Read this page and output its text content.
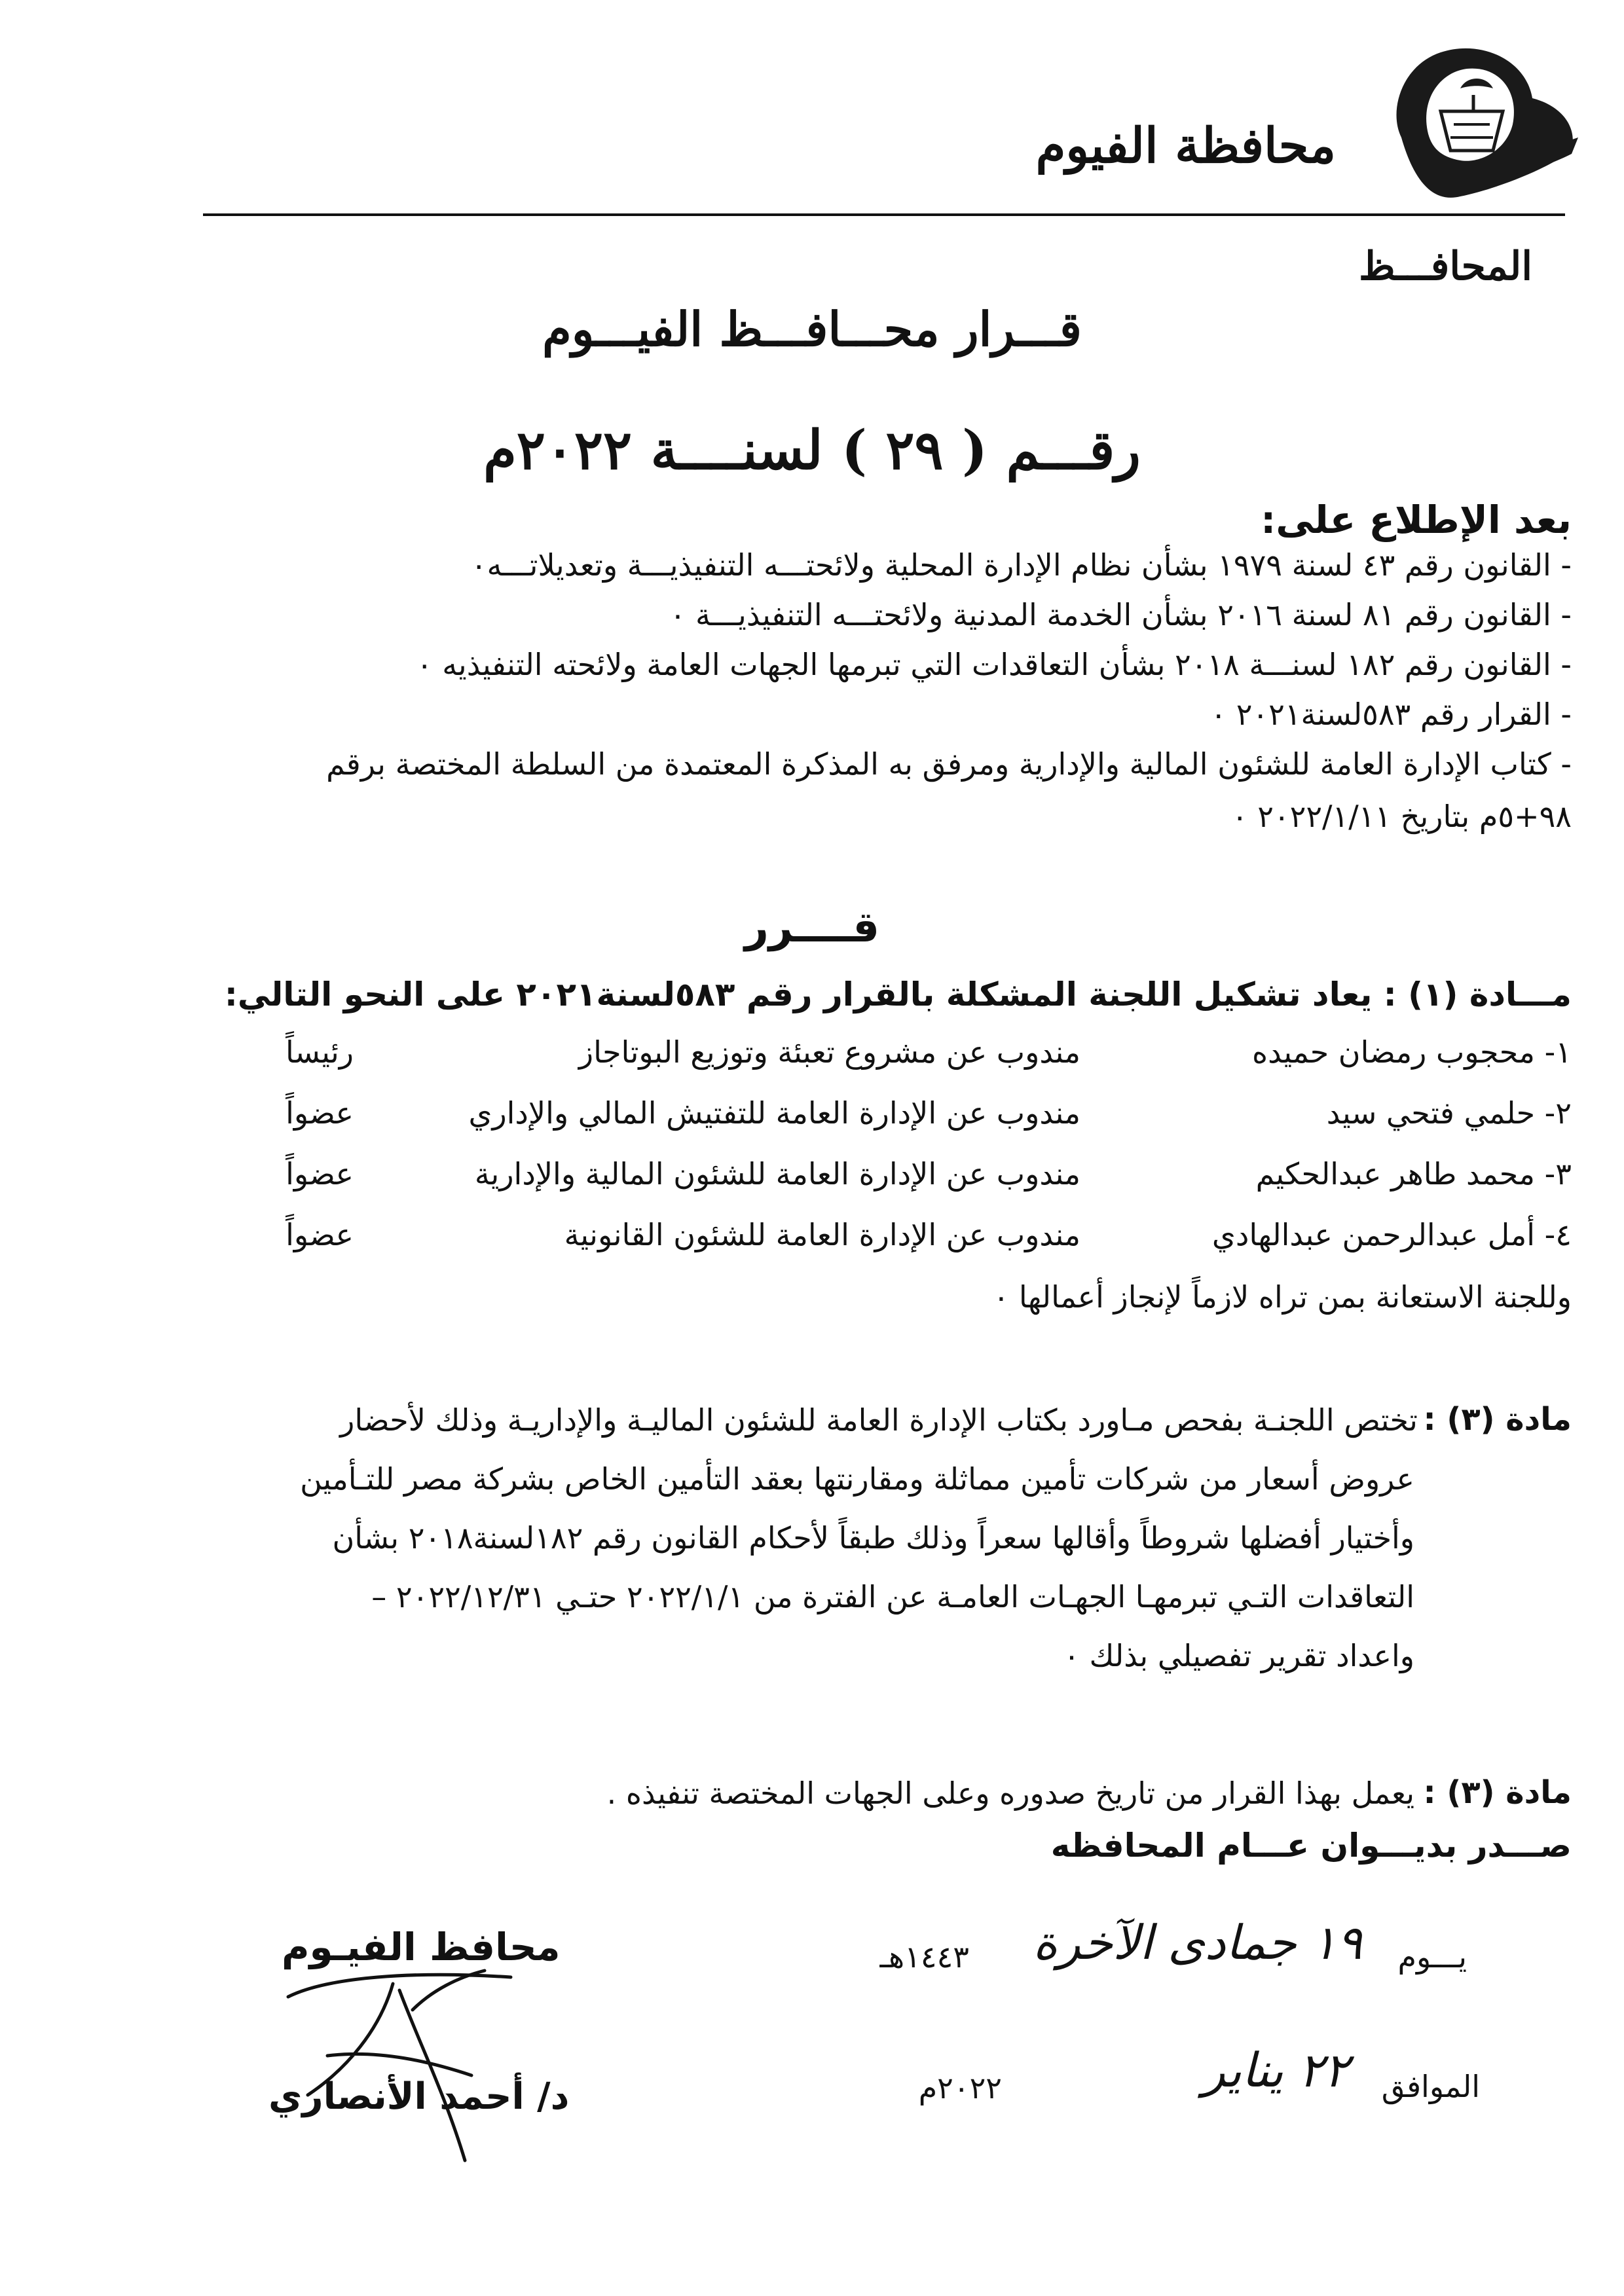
محافظة الفيوم
المحافـــظ
قـــرار محـــافـــظ الفيـــوم
رقـــم ( ٢٩ ) لسنــــة ٢٠٢٢م
بعد الإطلاع على:
- القانون رقم ٤٣ لسنة ١٩٧٩ بشأن نظام الإدارة المحلية ولائحتـــه التنفيذيـــة وتعديلاتـــه٠
- القانون رقم ٨١ لسنة ٢٠١٦ بشأن الخدمة المدنية ولائحتـــه التنفيذيـــة ٠
- القانون رقم ١٨٢ لسنـــة ٢٠١٨ بشأن التعاقدات التي تبرمها الجهات العامة ولائحته التنفيذيه ٠
- القرار رقم ٥٨٣لسنة٢٠٢١ ٠
- كتاب الإدارة العامة للشئون المالية والإدارية ومرفق به المذكرة المعتمدة من السلطة المختصة برقم
٩٨+٥م بتاريخ ٢٠٢٢/١/١١ ٠
قــــرر
مـــادة (١) : يعاد تشكيل اللجنة المشكلة بالقرار رقم ٥٨٣لسنة٢٠٢١ على النحو التالي:
١- محجوب رمضان حميده
مندوب عن مشروع تعبئة وتوزيع البوتاجاز
رئيساً
٢- حلمي فتحي سيد
مندوب عن الإدارة العامة للتفتيش المالي والإداري
عضواً
٣- محمد طاهر عبدالحكيم
مندوب عن الإدارة العامة للشئون المالية والإدارية
عضواً
٤- أمل عبدالرحمن عبدالهادي
مندوب عن الإدارة العامة للشئون القانونية
عضواً
وللجنة الاستعانة بمن تراه لازماً لإنجاز أعمالها ٠
مادة (٣) :
تختص اللجنـة بفحص مـاورد بكتاب الإدارة العامة للشئون الماليـة والإداريـة وذلك لأحضار
عروض أسعار من شركات تأمين مماثلة ومقارنتها بعقد التأمين الخاص بشركة مصر للتـأمين
وأختيار أفضلها شروطاً وأقالها سعراً وذلك طبقاً لأحكام القانون رقم ١٨٢لسنة٢٠١٨ بشأن
التعاقدات التـي تبرمهـا الجهـات العامـة عن الفترة من ٢٠٢٢/١/١ حتـي ٢٠٢٢/١٢/٣١ –
واعداد تقرير تفصيلي بذلك ٠
مادة (٣) :
يعمل بهذا القرار من تاريخ صدوره وعلى الجهات المختصة تنفيذه .
صـــدر بديـــوان عـــام المحافظه
يـــوم
١٩ جمادى الآخرة
١٤٤٣هـ
الموافق
٢٢ يناير
٢٠٢٢م
محافظ الفيـوم
د/ أحمد الأنصاري
